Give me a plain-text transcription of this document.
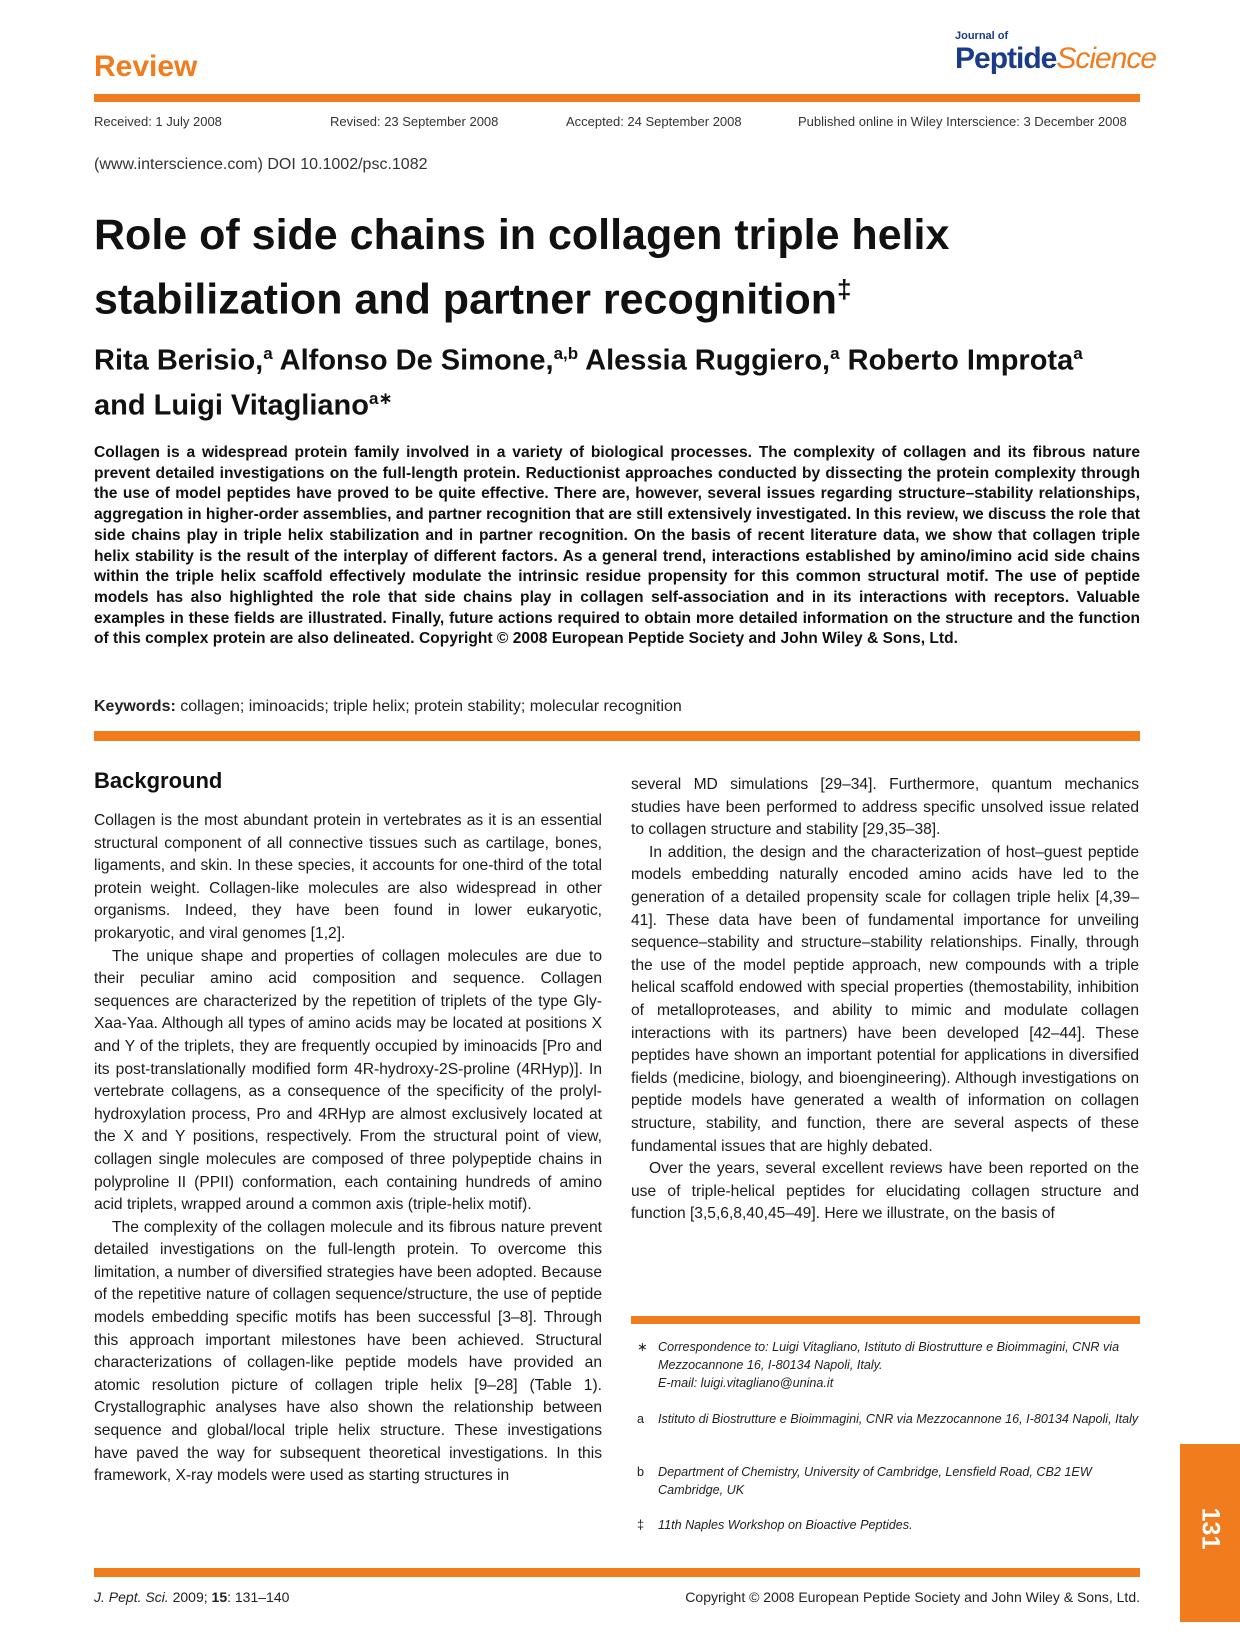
Review
Journal of
PeptideScience
Received: 1 July 2008	Revised: 23 September 2008	Accepted: 24 September 2008	Published online in Wiley Interscience: 3 December 2008
(www.interscience.com) DOI 10.1002/psc.1082
Role of side chains in collagen triple helix stabilization and partner recognition‡
Rita Berisio,$^a$ Alfonso De Simone,$^{a,b}$ Alessia Ruggiero,$^a$ Roberto Improta$^a$
and Luigi Vitagliano$^{a∗}$

Collagen is a widespread protein family involved in a variety of biological processes. The complexity of collagen and its fibrous nature prevent detailed investigations on the full-length protein. Reductionist approaches conducted by dissecting the protein complexity through the use of model peptides have proved to be quite effective. There are, however, several issues regarding structure–stability relationships, aggregation in higher-order assemblies, and partner recognition that are still extensively investigated. In this review, we discuss the role that side chains play in triple helix stabilization and in partner recognition. On the basis of recent literature data, we show that collagen triple helix stability is the result of the interplay of different factors. As a general trend, interactions established by amino/imino acid side chains within the triple helix scaffold effectively modulate the intrinsic residue propensity for this common structural motif. The use of peptide models has also highlighted the role that side chains play in collagen self-association and in its interactions with receptors. Valuable examples in these fields are illustrated. Finally, future actions required to obtain more detailed information on the structure and the function of this complex protein are also delineated. Copyright © 2008 European Peptide Society and John Wiley & Sons, Ltd.

Keywords: collagen; iminoacids; triple helix; protein stability; molecular recognition
Background

Collagen is the most abundant protein in vertebrates as it is an essential structural component of all connective tissues such as cartilage, bones, ligaments, and skin. In these species, it accounts for one-third of the total protein weight. Collagen-like molecules are also widespread in other organisms. Indeed, they have been found in lower eukaryotic, prokaryotic, and viral genomes [1,2].

The unique shape and properties of collagen molecules are due to their peculiar amino acid composition and sequence. Collagen sequences are characterized by the repetition of triplets of the type Gly-Xaa-Yaa. Although all types of amino acids may be located at positions X and Y of the triplets, they are frequently occupied by iminoacids [Pro and its post-translationally modified form 4R-hydroxy-2S-proline (4RHyp)]. In vertebrate collagens, as a consequence of the specificity of the prolyl-hydroxylation process, Pro and 4RHyp are almost exclusively located at the X and Y positions, respectively. From the structural point of view, collagen single molecules are composed of three polypeptide chains in polyproline II (PPII) conformation, each containing hundreds of amino acid triplets, wrapped around a common axis (triple-helix motif).

The complexity of the collagen molecule and its fibrous nature prevent detailed investigations on the full-length protein. To overcome this limitation, a number of diversified strategies have been adopted. Because of the repetitive nature of collagen sequence/structure, the use of peptide models embedding specific motifs has been successful [3–8]. Through this approach important milestones have been achieved. Structural characterizations of collagen-like peptide models have provided an atomic resolution picture of collagen triple helix [9–28] (Table 1). Crystallographic analyses have also shown the relationship between sequence and global/local triple helix structure. These investigations have paved the way for subsequent theoretical investigations. In this framework, X-ray models were used as starting structures in

several MD simulations [29–34]. Furthermore, quantum mechanics studies have been performed to address specific unsolved issue related to collagen structure and stability [29,35–38].

In addition, the design and the characterization of host–guest peptide models embedding naturally encoded amino acids have led to the generation of a detailed propensity scale for collagen triple helix [4,39–41]. These data have been of fundamental importance for unveiling sequence–stability and structure–stability relationships. Finally, through the use of the model peptide approach, new compounds with a triple helical scaffold endowed with special properties (themostability, inhibition of metalloproteases, and ability to mimic and modulate collagen interactions with its partners) have been developed [42–44]. These peptides have shown an important potential for applications in diversified fields (medicine, biology, and bioengineering). Although investigations on peptide models have generated a wealth of information on collagen structure, stability, and function, there are several aspects of these fundamental issues that are highly debated.

Over the years, several excellent reviews have been reported on the use of triple-helical peptides for elucidating collagen structure and function [3,5,6,8,40,45–49]. Here we illustrate, on the basis of

∗ Correspondence to: Luigi Vitagliano, Istituto di Biostrutture e Bioimmagini, CNR via Mezzocannone 16, I-80134 Napoli, Italy.
E-mail: luigi.vitagliano@unina.it
a Istituto di Biostrutture e Bioimmagini, CNR via Mezzocannone 16, I-80134 Napoli, Italy
b Department of Chemistry, University of Cambridge, Lensfield Road, CB2 1EW Cambridge, UK
‡ 11th Naples Workshop on Bioactive Peptides.
J. Pept. Sci. 2009; 15: 131–140	Copyright © 2008 European Peptide Society and John Wiley & Sons, Ltd.
131
